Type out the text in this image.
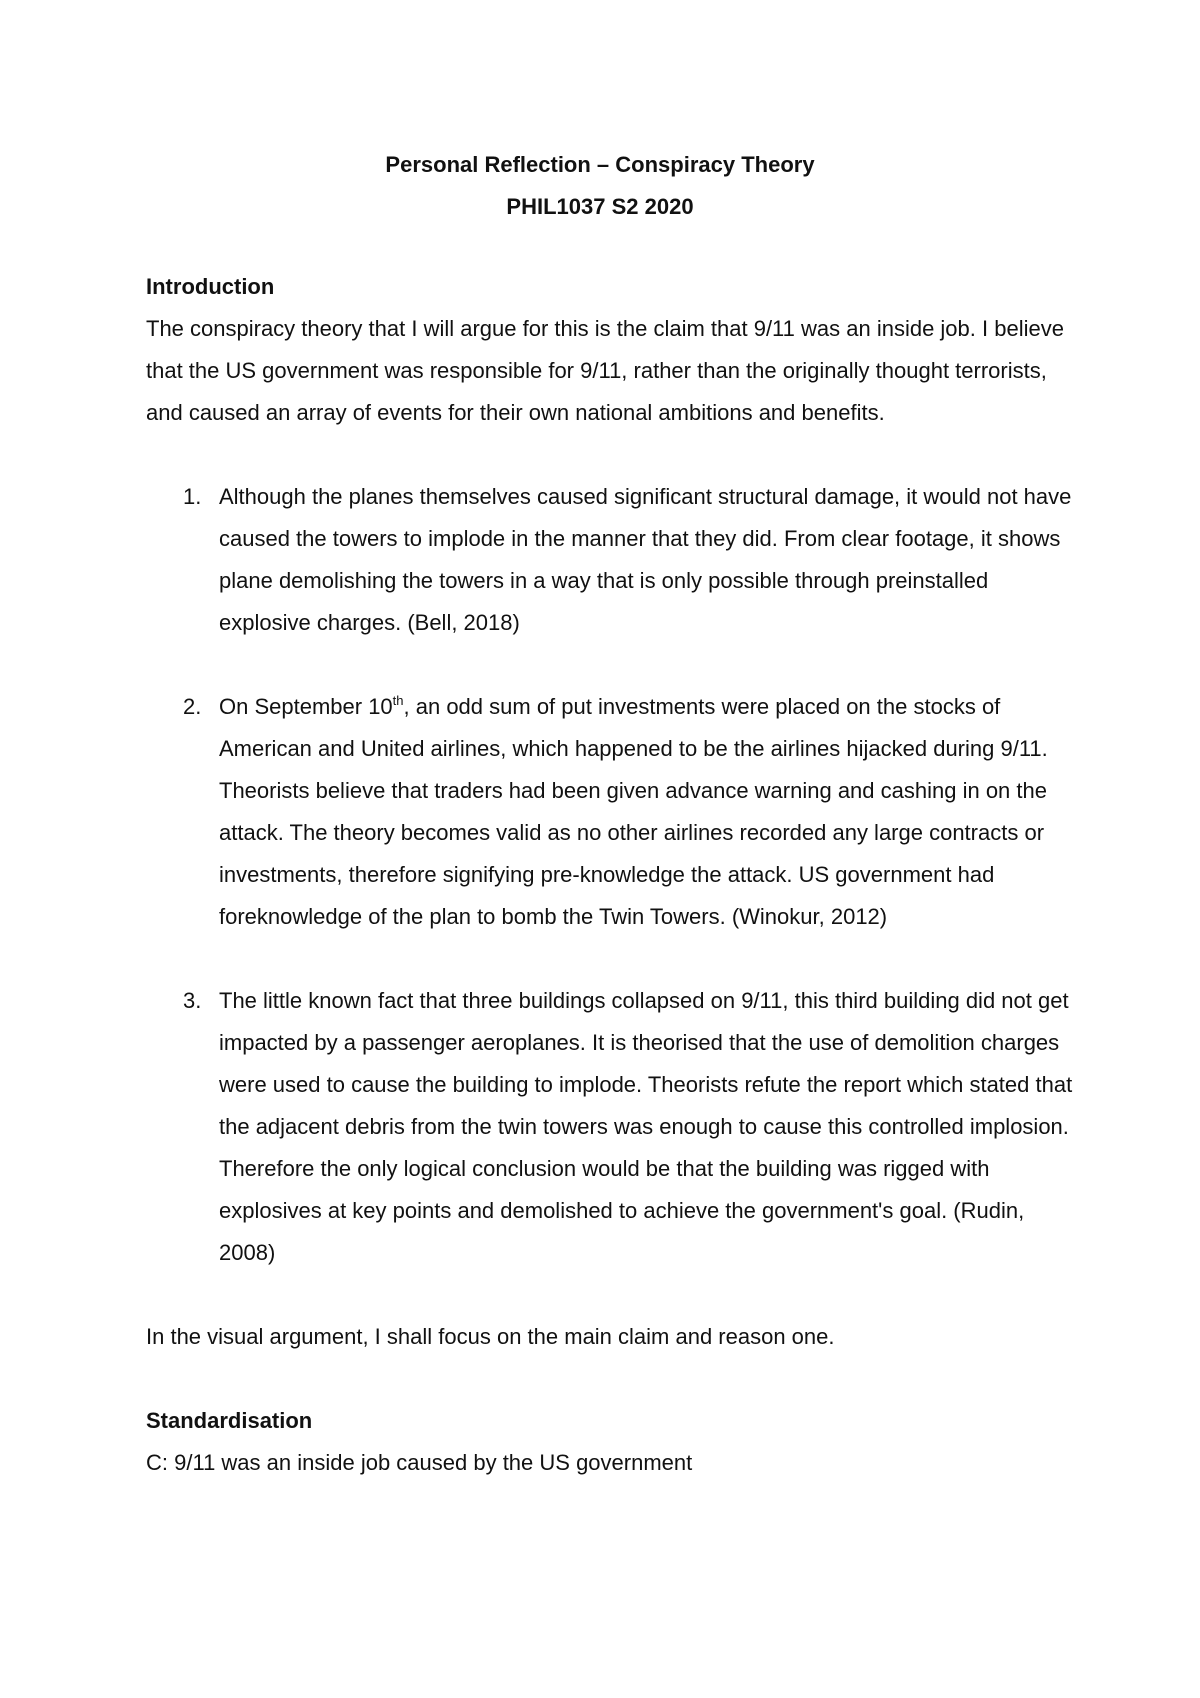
Personal Reflection – Conspiracy Theory
PHIL1037 S2 2020

Introduction

The conspiracy theory that I will argue for this is the claim that 9/11 was an inside job. I believe that the US government was responsible for 9/11, rather than the originally thought terrorists, and caused an array of events for their own national ambitions and benefits.

1. Although the planes themselves caused significant structural damage, it would not have caused the towers to implode in the manner that they did. From clear footage, it shows plane demolishing the towers in a way that is only possible through preinstalled explosive charges. (Bell, 2018)
2. On September 10th, an odd sum of put investments were placed on the stocks of American and United airlines, which happened to be the airlines hijacked during 9/11. Theorists believe that traders had been given advance warning and cashing in on the attack. The theory becomes valid as no other airlines recorded any large contracts or investments, therefore signifying pre-knowledge the attack. US government had foreknowledge of the plan to bomb the Twin Towers. (Winokur, 2012)
3. The little known fact that three buildings collapsed on 9/11, this third building did not get impacted by a passenger aeroplanes. It is theorised that the use of demolition charges were used to cause the building to implode. Theorists refute the report which stated that the adjacent debris from the twin towers was enough to cause this controlled implosion. Therefore the only logical conclusion would be that the building was rigged with explosives at key points and demolished to achieve the government's goal. (Rudin, 2008)

In the visual argument, I shall focus on the main claim and reason one.

Standardisation

C: 9/11 was an inside job caused by the US government
